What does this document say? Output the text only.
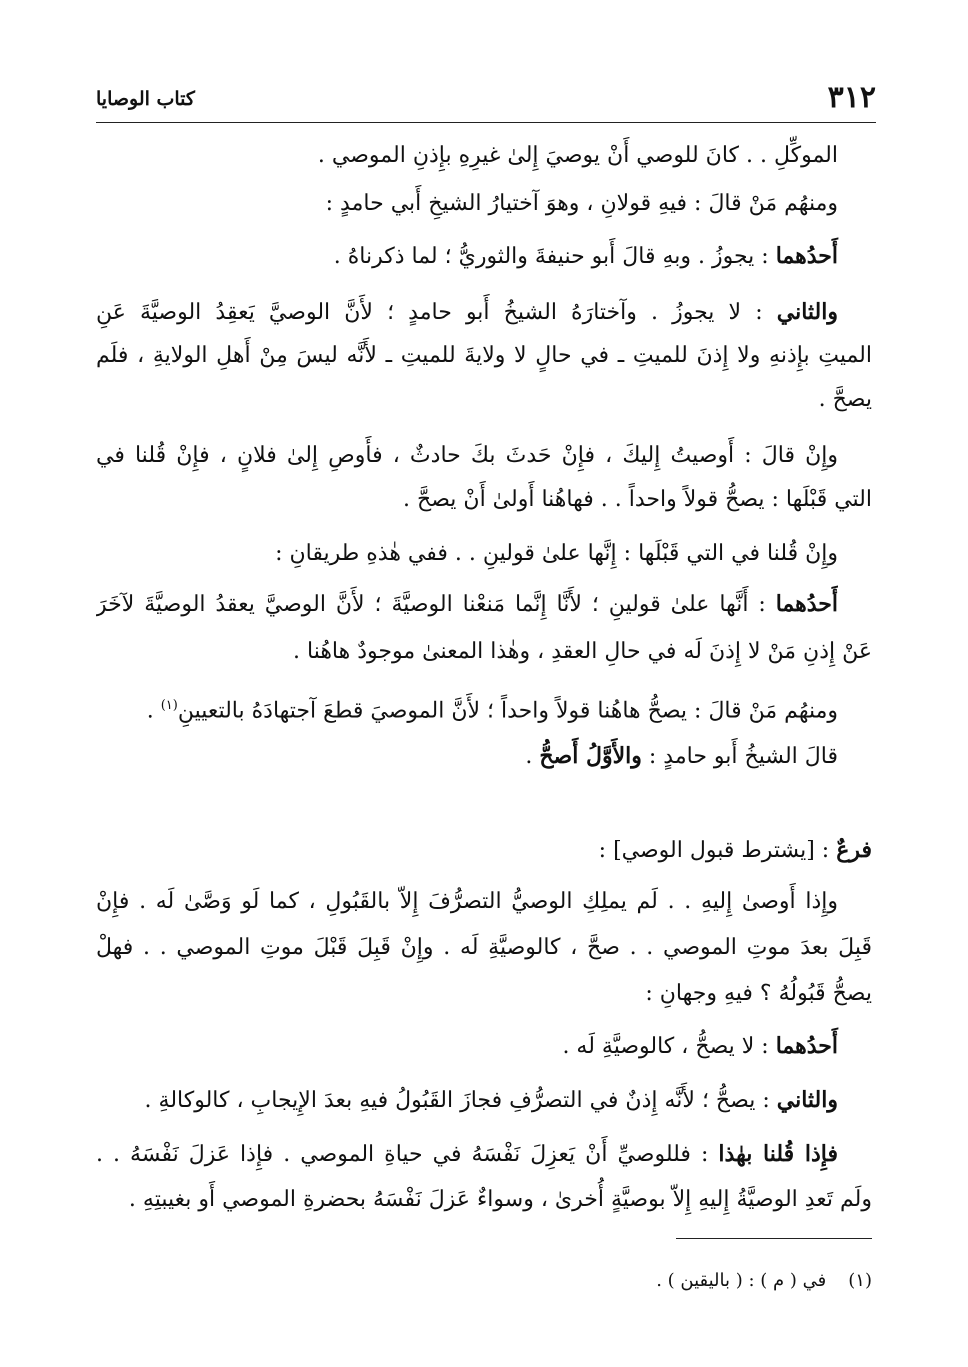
٣١٢
كتاب الوصايا
الموكِّلِ . . كانَ للوصي أَنْ يوصيَ إِلىٰ غيرِهِ بإِذنِ الموصي .
ومنهُم مَنْ قالَ : فيهِ قولانِ ، وهوَ آختيارُ الشيخِ أَبي حامدٍ :
أَحدُهما : يجوزُ . وبهِ قالَ أَبو حنيفةَ والثوريُّ ؛ لما ذكرناهُ .
والثاني : لا يجوزُ . وآختارَهُ الشيخُ أَبو حامدٍ ؛ لأَنَّ الوصيَّ يَعقِدُ الوصيَّةَ عَنِ
الميتِ بإِذنهِ ولا إِذنَ للميتِ ـ في حالٍ لا ولايةَ للميتِ ـ لأَنَّه ليسَ مِنْ أَهلِ الولايةِ ، فلَم
يصحَّ .
وإِنْ قالَ : أَوصيتُ إِليكَ ، فإِنْ حَدثَ بكَ حادثٌ ، فأَوصِ إِلىٰ فلانٍ ، فإِنْ قُلنا في
التي قَبْلَها : يصحُّ قولاً واحداً . . فهاهُنا أَولىٰ أَنْ يصحَّ .
وإِنْ قُلنا في التي قَبْلَها : إِنَّها علىٰ قولينِ . . ففي هٰذهِ طريقانِ :
أَحدُهما : أَنَّها علىٰ قولينِ ؛ لأَنَّا إِنَّما مَنعْنا الوصيَّةَ ؛ لأَنَّ الوصيَّ يعقدُ الوصيَّةَ لآخَرَ
عَنْ إِذنِ مَنْ لا إِذنَ لَه في حالِ العقدِ ، وهٰذا المعنىٰ موجودٌ هاهُنا .
ومنهُم مَنْ قالَ : يصحُّ هاهُنا قولاً واحداً ؛ لأَنَّ الموصيَ قطعَ آجتهادَهُ بالتعيينِ$^{(١)}$ .
قالَ الشيخُ أَبو حامدٍ : والأَوَّلُ أَصحُّ .
فرعٌ : [يشترط قبول الوصي] :
وإِذا أَوصىٰ إِليهِ . . لَم يملِكِ الوصيُّ التصرُّفَ إِلاّ بالقَبُولِ ، كما لَو وَصَّىٰ لَه . فإِنْ
قَبِلَ بعدَ موتِ الموصي . . صحَّ ، كالوصيَّةِ لَه . وإِنْ قَبِلَ قَبْلَ موتِ الموصي . . فهلْ
يصحُّ قَبُولُهُ ؟ فيهِ وجهانِ :
أَحدُهما : لا يصحُّ ، كالوصيَّةِ لَه .
والثاني : يصحُّ ؛ لأَنَّه إِذنٌ في التصرُّفِ فجازَ القَبُولُ فيهِ بعدَ الإِيجابِ ، كالوكالةِ .
فإِذا قُلنا بهٰذا : فللوصيِّ أَنْ يَعزِلَ نَفْسَهُ في حياةِ الموصي . فإِذا عَزلَ نَفْسَهُ . .
ولَم تَعدِ الوصيَّةُ إِليهِ إِلاّ بوصيَّةٍ أُخرىٰ ، وسواءٌ عَزلَ نَفْسَهُ بحضرةِ الموصي أَو بغيبتِهِ .
(١)في ( م ) : ( باليقين ) .
